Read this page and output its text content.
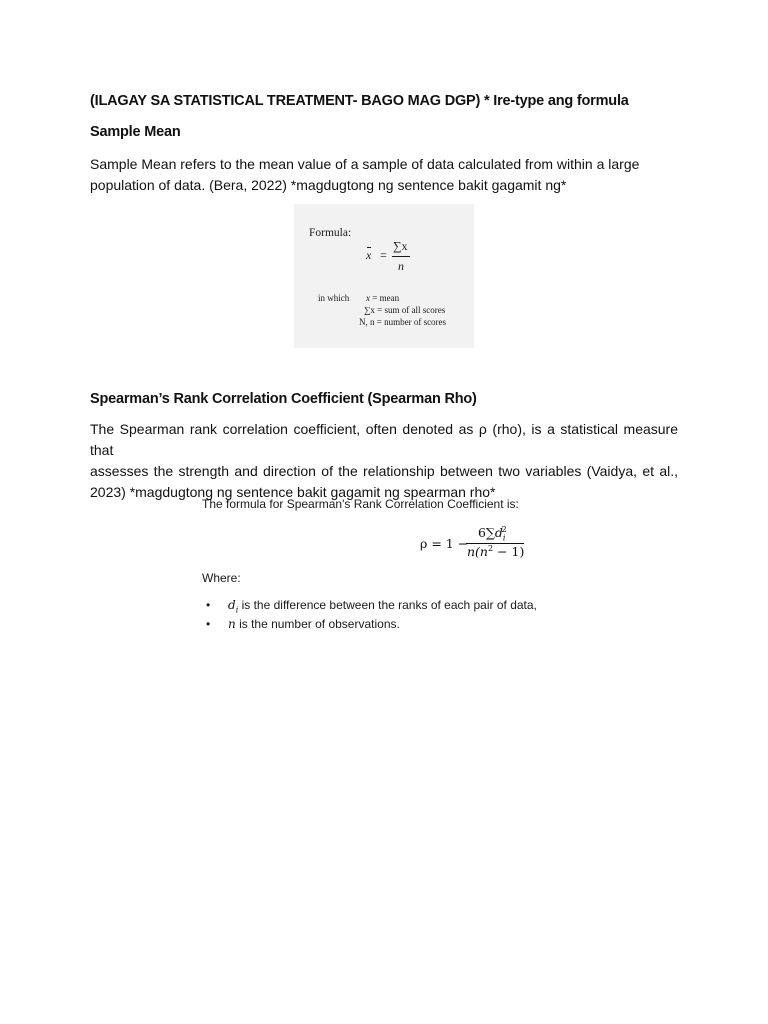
(ILAGAY SA STATISTICAL TREATMENT- BAGO MAG DGP) * Ire-type ang formula
Sample Mean
Sample Mean refers to the mean value of a sample of data calculated from within a large
population of data. (Bera, 2022) *magdugtong ng sentence bakit gagamit ng*
Formula:
x =
∑x
n
in which x = mean
∑x = sum of all scores
N, n = number of scores
Spearman’s Rank Correlation Coefficient (Spearman Rho)
The Spearman rank correlation coefficient, often denoted as ρ (rho), is a statistical measure that
assesses the strength and direction of the relationship between two variables (Vaidya, et al.,
2023) *magdugtong ng sentence bakit gagamit ng spearman rho*
The formula for Spearman's Rank Correlation Coefficient is:
ρ = 1 −
$6\sum d_i^2$
$n(n^2 - 1)$
Where:
• $d_i$ is the difference between the ranks of each pair of data,
• n is the number of observations.
